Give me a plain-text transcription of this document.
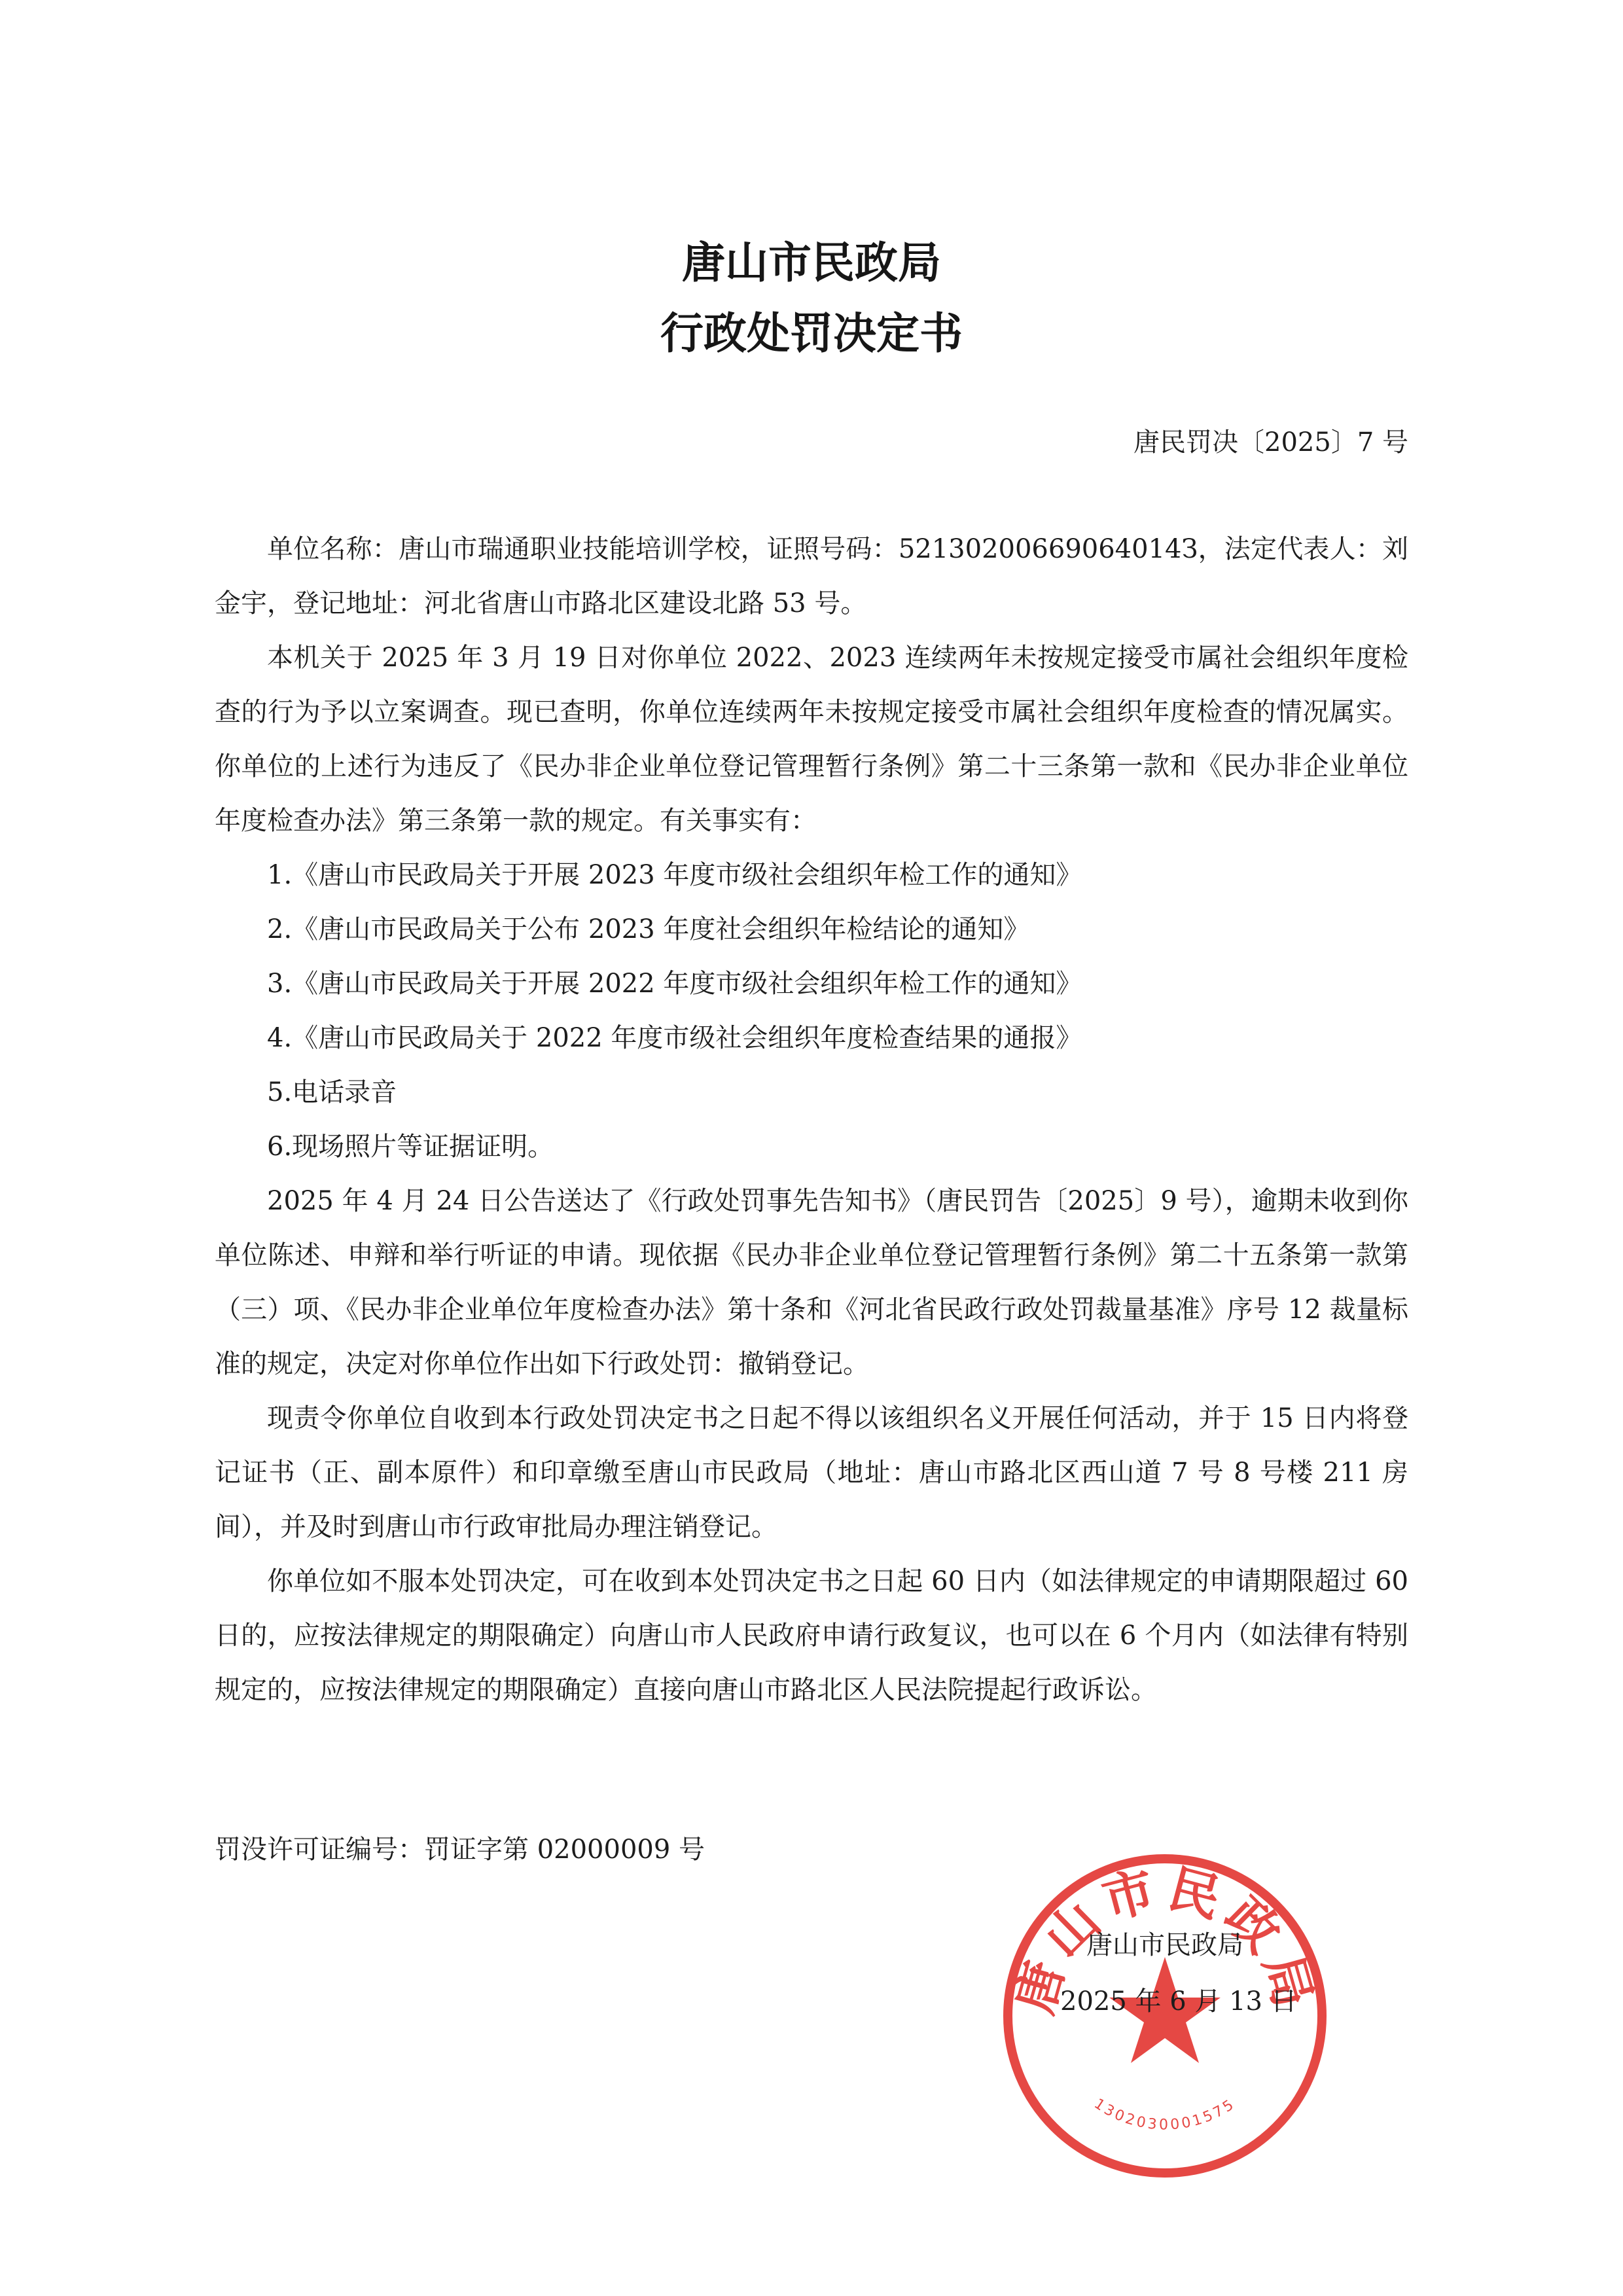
唐山市民政局
行政处罚决定书
唐民罚决〔2025〕7 号

单位名称：唐山市瑞通职业技能培训学校，证照号码：52130200669064014З，法定代表人：刘金宇，登记地址：河北省唐山市路北区建设北路 53 号。

本机关于 2025 年 3 月 19 日对你单位 2022、2023 连续两年未按规定接受市属社会组织年度检查的行为予以立案调查。现已查明，你单位连续两年未按规定接受市属社会组织年度检查的情况属实。你单位的上述行为违反了《民办非企业单位登记管理暂行条例》第二十三条第一款和《民办非企业单位年度检查办法》第三条第一款的规定。有关事实有：

1.《唐山市民政局关于开展 2023 年度市级社会组织年检工作的通知》

2.《唐山市民政局关于公布 2023 年度社会组织年检结论的通知》

3.《唐山市民政局关于开展 2022 年度市级社会组织年检工作的通知》

4.《唐山市民政局关于 2022 年度市级社会组织年度检查结果的通报》

5.电话录音

6.现场照片等证据证明。

2025 年 4 月 24 日公告送达了《行政处罚事先告知书》（唐民罚告〔2025〕9 号），逾期未收到你单位陈述、申辩和举行听证的申请。现依据《民办非企业单位登记管理暂行条例》第二十五条第一款第（三）项、《民办非企业单位年度检查办法》第十条和《河北省民政行政处罚裁量基准》序号 12 裁量标准的规定，决定对你单位作出如下行政处罚：撤销登记。

现责令你单位自收到本行政处罚决定书之日起不得以该组织名义开展任何活动，并于 15 日内将登记证书（正、副本原件）和印章缴至唐山市民政局（地址：唐山市路北区西山道 7 号 8 号楼 211 房间），并及时到唐山市行政审批局办理注销登记。

你单位如不服本处罚决定，可在收到本处罚决定书之日起 60 日内（如法律规定的申请期限超过 60 日的，应按法律规定的期限确定）向唐山市人民政府申请行政复议，也可以在 6 个月内（如法律有特别规定的，应按法律规定的期限确定）直接向唐山市路北区人民法院提起行政诉讼。

罚没许可证编号：罚证字第 02000009 号
唐山市民政局
1302030001575
唐山市民政局
2025 年 6 月 13 日
